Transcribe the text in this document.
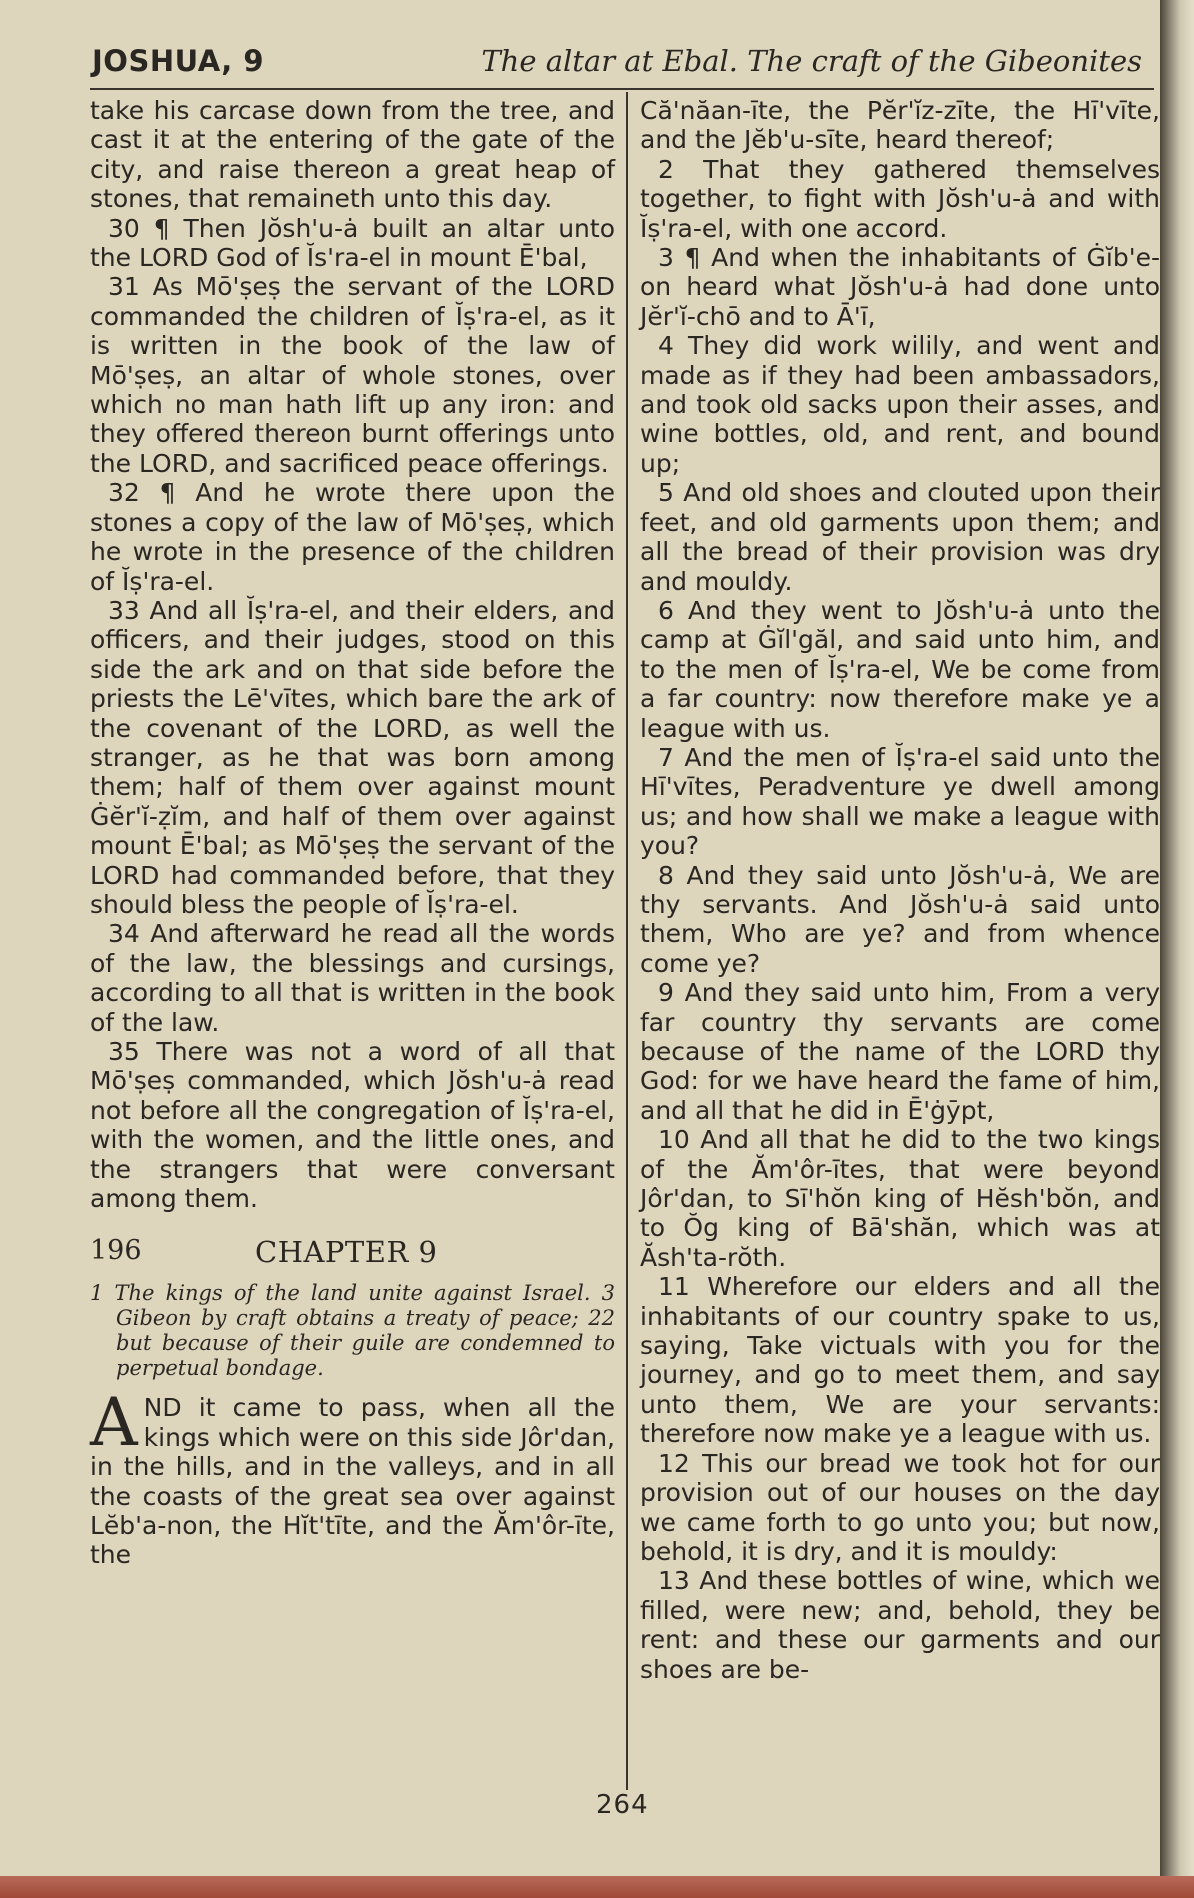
JOSHUA, 9	The altar at Ebal. The craft of the Gibeonites

take his carcase down from the tree, and cast it at the entering of the gate of the city, and raise thereon a great heap of stones, that remaineth unto this day.

30 ¶ Then Jŏsh'u-ȧ built an altar unto the LORD God of Ĭs'ra-el in mount Ē'bal,

31 As Mō'ṣeṣ the servant of the LORD commanded the children of Ĭṣ'ra-el, as it is written in the book of the law of Mō'ṣeṣ, an altar of whole stones, over which no man hath lift up any iron: and they offered thereon burnt offerings unto the LORD, and sacrificed peace offerings.

32 ¶ And he wrote there upon the stones a copy of the law of Mō'ṣeṣ, which he wrote in the presence of the children of Ĭṣ'ra-el.

33 And all Ĭṣ'ra-el, and their elders, and officers, and their judges, stood on this side the ark and on that side before the priests the Lē'vītes, which bare the ark of the covenant of the LORD, as well the stranger, as he that was born among them; half of them over against mount Ġĕr'ĭ-ẓĭm, and half of them over against mount Ē'bal; as Mō'ṣeṣ the servant of the LORD had commanded before, that they should bless the people of Ĭṣ'ra-el.

34 And afterward he read all the words of the law, the blessings and cursings, according to all that is written in the book of the law.

35 There was not a word of all that Mō'ṣeṣ commanded, which Jŏsh'u-ȧ read not before all the congregation of Ĭṣ'ra-el, with the women, and the little ones, and the strangers that were conversant among them.

196	CHAPTER 9

1 The kings of the land unite against Israel. 3 Gibeon by craft obtains a treaty of peace; 22 but because of their guile are condemned to perpetual bondage.

AND it came to pass, when all the kings which were on this side Jôr'dan, in the hills, and in the valleys, and in all the coasts of the great sea over against Lĕb'a-non, the Hĭt'tīte, and the Ăm'ôr-īte, the

Că'năan-īte, the Pĕr'ĭz-zīte, the Hī'vīte, and the Jĕb'u-sīte, heard thereof;

2 That they gathered themselves together, to fight with Jŏsh'u-ȧ and with Ĭṣ'ra-el, with one accord.

3 ¶ And when the inhabitants of Ġĭb'e-on heard what Jŏsh'u-ȧ had done unto Jĕr'ĭ-chō and to Ā'ī,

4 They did work wilily, and went and made as if they had been ambassadors, and took old sacks upon their asses, and wine bottles, old, and rent, and bound up;

5 And old shoes and clouted upon their feet, and old garments upon them; and all the bread of their provision was dry and mouldy.

6 And they went to Jŏsh'u-ȧ unto the camp at Ġĭl'găl, and said unto him, and to the men of Ĭṣ'ra-el, We be come from a far country: now therefore make ye a league with us.

7 And the men of Ĭṣ'ra-el said unto the Hī'vītes, Peradventure ye dwell among us; and how shall we make a league with you?

8 And they said unto Jŏsh'u-ȧ, We are thy servants. And Jŏsh'u-ȧ said unto them, Who are ye? and from whence come ye?

9 And they said unto him, From a very far country thy servants are come because of the name of the LORD thy God: for we have heard the fame of him, and all that he did in Ē'ġȳpt,

10 And all that he did to the two kings of the Ăm'ôr-ītes, that were beyond Jôr'dan, to Sī'hŏn king of Hĕsh'bŏn, and to Ŏg king of Bā'shăn, which was at Ăsh'ta-rŏth.

11 Wherefore our elders and all the inhabitants of our country spake to us, saying, Take victuals with you for the journey, and go to meet them, and say unto them, We are your servants: therefore now make ye a league with us.

12 This our bread we took hot for our provision out of our houses on the day we came forth to go unto you; but now, behold, it is dry, and it is mouldy:

13 And these bottles of wine, which we filled, were new; and, behold, they be rent: and these our garments and our shoes are be-

264
